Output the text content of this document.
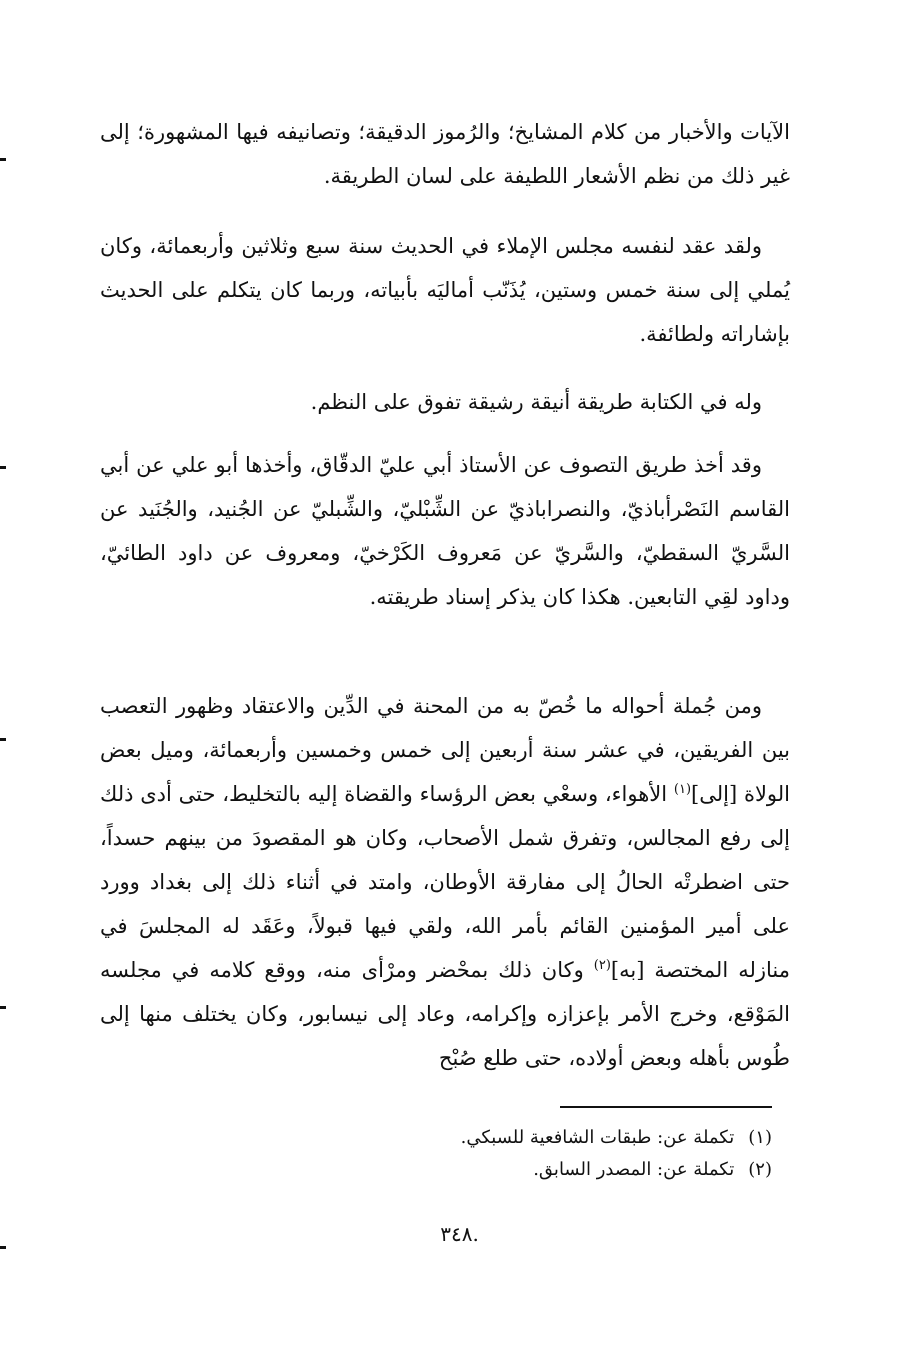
الآيات والأخبار من كلام المشايخ؛ والرُموز الدقيقة؛ وتصانيفه فيها المشهورة؛ إلى غير ذلك من نظم الأشعار اللطيفة على لسان الطريقة.
ولقد عقد لنفسه مجلس الإملاء في الحديث سنة سبع وثلاثين وأربعمائة، وكان يُملي إلى سنة خمس وستين، يُذَنّب أماليَه بأبياته، وربما كان يتكلم على الحديث بإشاراته ولطائفة.
وله في الكتابة طريقة أنيقة رشيقة تفوق على النظم.
وقد أخذ طريق التصوف عن الأستاذ أبي عليّ الدقّاق، وأخذها أبو علي عن أبي القاسم النَصْرأباذيّ، والنصراباذيّ عن الشِّبْليّ، والشِّبليّ عن الجُنيد، والجُنَيد عن السَّريّ السقطيّ، والسَّريّ عن مَعروف الكَرْخيّ، ومعروف عن داود الطائيّ، وداود لقِي التابعين. هكذا كان يذكر إسناد طريقته.
ومن جُملة أحواله ما خُصّ به من المحنة في الدِّين والاعتقاد وظهور التعصب بين الفريقين، في عشر سنة أربعين إلى خمس وخمسين وأربعمائة، وميل بعض الولاة [إلى]$^{(١)}$ الأهواء، وسعْي بعض الرؤساء والقضاة إليه بالتخليط، حتى أدى ذلك إلى رفع المجالس، وتفرق شمل الأصحاب، وكان هو المقصودَ من بينهم حسداً، حتى اضطرتْه الحالُ إلى مفارقة الأوطان، وامتد في أثناء ذلك إلى بغداد وورد على أمير المؤمنين القائم بأمر الله، ولقي فيها قبولاً، وعَقَد له المجلسَ في منازله المختصة [به]$^{(٢)}$ وكان ذلك بمحْضر ومرْأى منه، ووقع كلامه في مجلسه المَوْقع، وخرج الأمر بإعزازه وإكرامه، وعاد إلى نيسابور، وكان يختلف منها إلى طُوس بأهله وبعض أولاده، حتى طلع صُبْح
(١)تكملة عن: طبقات الشافعية للسبكي.
(٢)تكملة عن: المصدر السابق.
٣٤٨.
